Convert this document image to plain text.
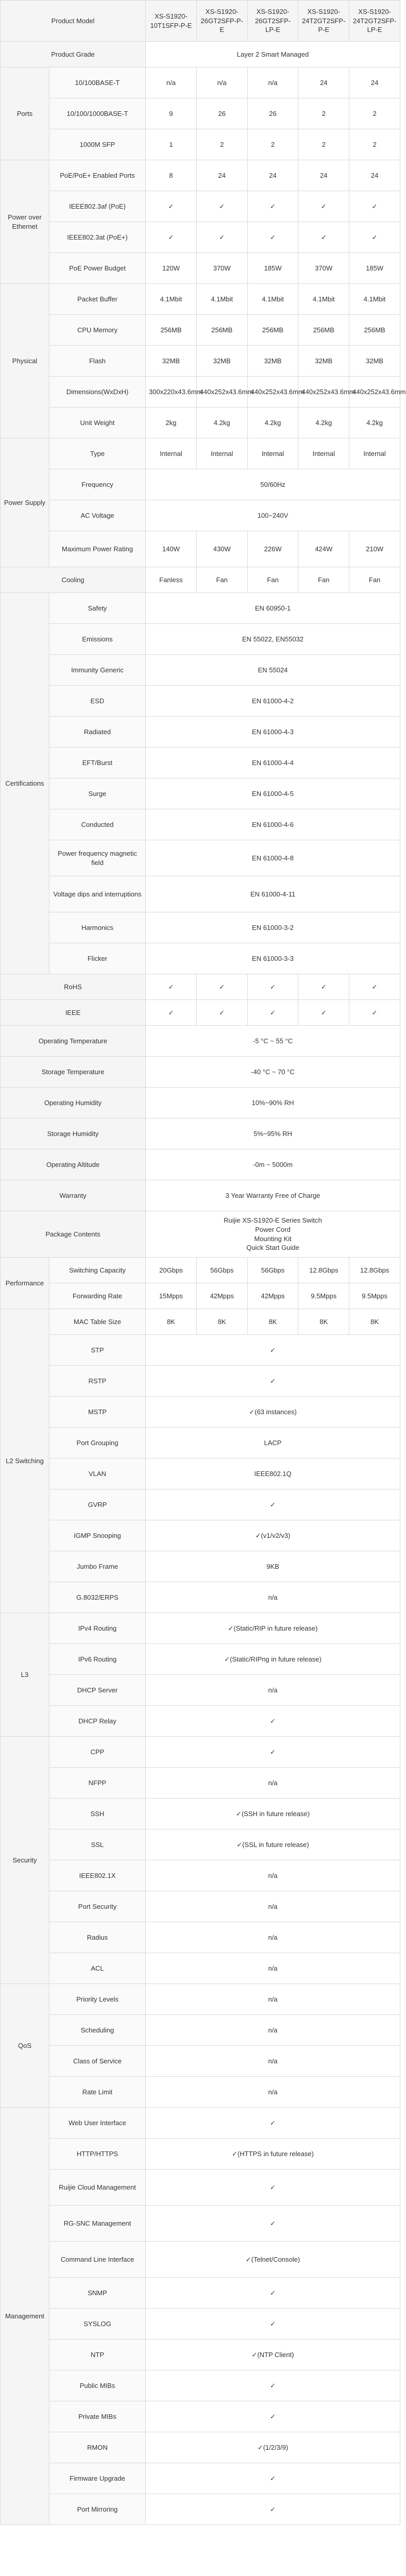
Product Model		XS-S1920-10T1SFP-P-E	XS-S1920-26GT2SFP-P-E	XS-S1920-26GT2SFP-LP-E	XS-S1920-24T2GT2SFP-P-E	XS-S1920-24T2GT2SFP-LP-E
Product Grade		Layer 2 Smart Managed				
Ports	10/100BASE-T	n/a	n/a	n/a	24	24
	10/100/1000BASE-T	9	26	26	2	2
	1000M SFP	1	2	2	2	2
Power over Ethernet	PoE/PoE+ Enabled Ports	8	24	24	24	24
	IEEE802.3af (PoE)	✓	✓	✓	✓	✓
	IEEE802.3at (PoE+)	✓	✓	✓	✓	✓
	PoE Power Budget	120W	370W	185W	370W	185W
Physical	Packet Buffer	4.1Mbit	4.1Mbit	4.1Mbit	4.1Mbit	4.1Mbit
	CPU Memory	256MB	256MB	256MB	256MB	256MB
	Flash	32MB	32MB	32MB	32MB	32MB
	Dimensions(WxDxH)	300x220x43.6mm	440x252x43.6mm	440x252x43.6mm	440x252x43.6mm	440x252x43.6mm
	Unit Weight	2kg	4.2kg	4.2kg	4.2kg	4.2kg
Power Supply	Type	Internal	Internal	Internal	Internal	Internal
	Frequency	50/60Hz				
	AC Voltage	100~240V				
	Maximum Power Rating	140W	430W	226W	424W	210W
Cooling		Fanless	Fan	Fan	Fan	Fan
Certifications	Safety	EN 60950-1				
	Emissions	EN 55022, EN55032				
	Immunity Generic	EN 55024				
	ESD	EN 61000-4-2				
	Radiated	EN 61000-4-3				
	EFT/Burst	EN 61000-4-4				
	Surge	EN 61000-4-5				
	Conducted	EN 61000-4-6				
	Power frequency magnetic field	EN 61000-4-8				
	Voltage dips and interruptions	EN 61000-4-11				
	Harmonics	EN 61000-3-2				
	Flicker	EN 61000-3-3				
RoHS		✓	✓	✓	✓	✓
IEEE		✓	✓	✓	✓	✓
Operating Temperature		-5 °C ~ 55 °C				
Storage Temperature		-40 °C ~ 70 °C				
Operating Humidity		10%~90% RH				
Storage Humidity		5%~95% RH				
Operating Altitude		-0m ~ 5000m				
Warranty		3 Year Warranty Free of Charge				
Package Contents		Ruijie XS-S1920-E Series Switch
Power Cord
Mounting Kit
Quick Start Guide				
Performance	Switching Capacity	20Gbps	56Gbps	56Gbps	12.8Gbps	12.8Gbps
	Forwarding Rate	15Mpps	42Mpps	42Mpps	9.5Mpps	9.5Mpps
L2 Switching	MAC Table Size	8K	8K	8K	8K	8K
	STP	✓				
	RSTP	✓				
	MSTP	✓(63 instances)				
	Port Grouping	LACP				
	VLAN	IEEE802.1Q				
	GVRP	✓				
	IGMP Snooping	✓(v1/v2/v3)				
	Jumbo Frame	9KB				
	G.8032/ERPS	n/a				
L3	IPv4 Routing	✓(Static/RIP in future release)				
	IPv6 Routing	✓(Static/RIPng in future release)				
	DHCP Server	n/a				
	DHCP Relay	✓				
Security	CPP	✓				
	NFPP	n/a				
	SSH	✓(SSH in future release)				
	SSL	✓(SSL in future release)				
	IEEE802.1X	n/a				
	Port Security	n/a				
	Radius	n/a				
	ACL	n/a				
QoS	Priority Levels	n/a				
	Scheduling	n/a				
	Class of Service	n/a				
	Rate Limit	n/a				
Management	Web User Interface	✓				
	HTTP/HTTPS	✓(HTTPS in future release)				
	Ruijie Cloud Management	✓				
	RG-SNC Management	✓				
	Command Line Interface	✓(Telnet/Console)				
	SNMP	✓				
	SYSLOG	✓				
	NTP	✓(NTP Client)				
	Public MIBs	✓				
	Private MIBs	✓				
	RMON	✓(1/2/3/9)				
	Firmware Upgrade	✓				
	Port Mirroring	✓				
